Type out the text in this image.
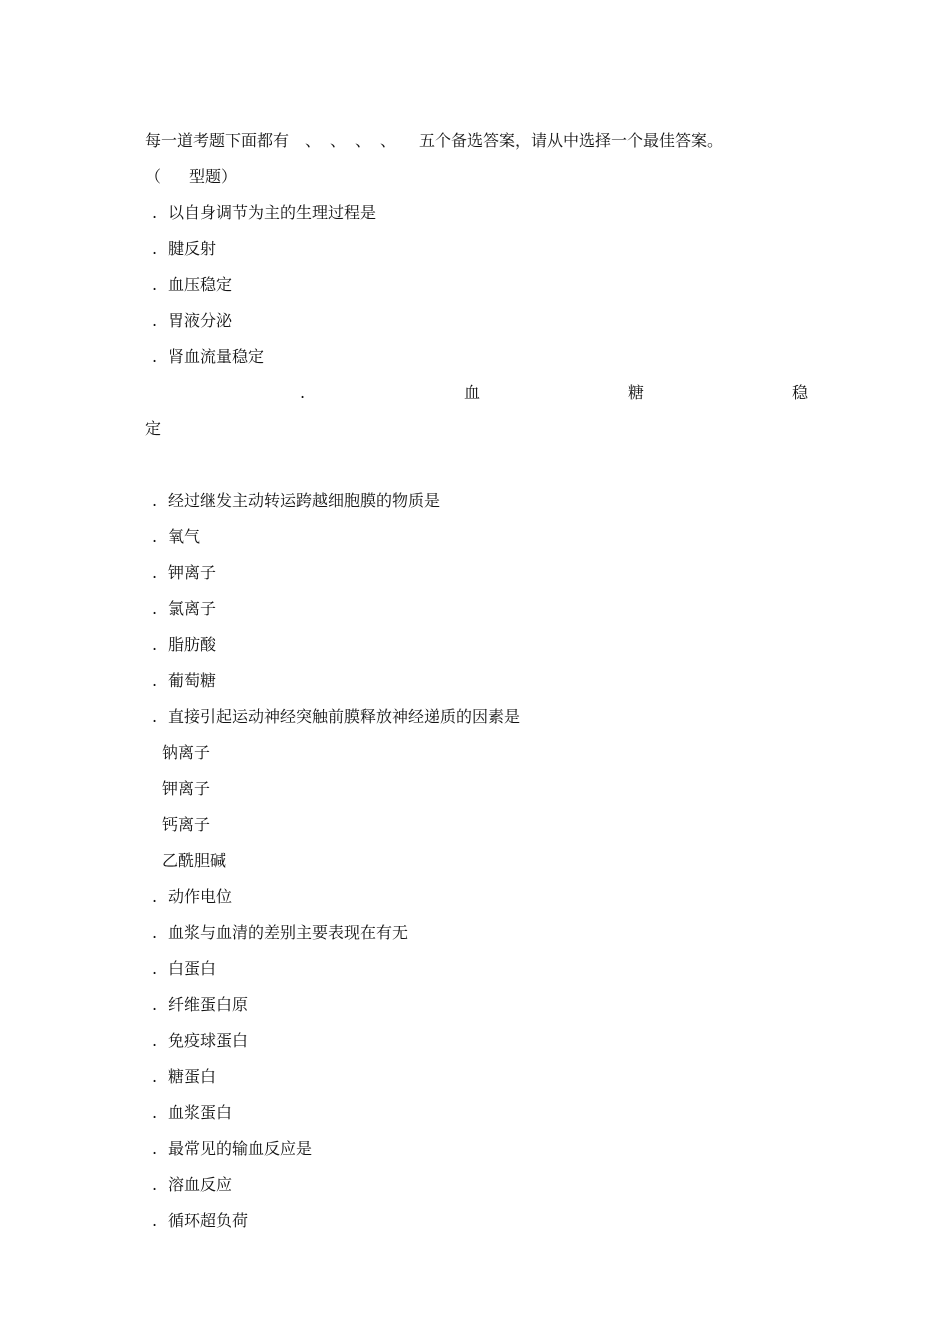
每一道考题下面都有 、 、 、 、 五个备选答案，请从中选择一个最佳答案。
（ 型题）
. 以自身调节为主的生理过程是
. 腱反射
. 血压稳定
. 胃液分泌
. 肾血流量稳定
.	血	糖	稳
定
. 经过继发主动转运跨越细胞膜的物质是
. 氧气
. 钾离子
. 氯离子
. 脂肪酸
. 葡萄糖
. 直接引起运动神经突触前膜释放神经递质的因素是
钠离子
钾离子
钙离子
乙酰胆碱
. 动作电位
. 血浆与血清的差别主要表现在有无
. 白蛋白
. 纤维蛋白原
. 免疫球蛋白
. 糖蛋白
. 血浆蛋白
. 最常见的输血反应是
. 溶血反应
. 循环超负荷
